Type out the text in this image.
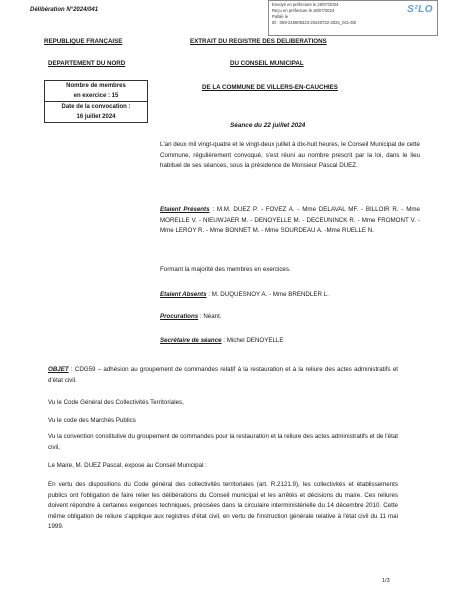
Délibération N°2024/041
Envoyé en préfecture le 26/07/2024
Reçu en préfecture le 26/07/2024
Publié le
ID : 059-215906323-20240722-2024_041-DE
S²LO
REPUBLIQUE FRANÇAISE
DEPARTEMENT DU NORD
EXTRAIT DU REGISTRE DES DELIBERATIONS
DU CONSEIL MUNICIPAL
DE LA COMMUNE DE VILLERS-EN-CAUCHIES
Nombre de membres
en exercice : 15
Date de la convocation :
16 juillet 2024
Séance du 22 juillet 2024
L'an deux mil vingt-quatre et le vingt-deux juillet à dix-huit heures, le Conseil Municipal de cette Commune, régulièrement convoqué, s'est réuni au nombre prescrit par la loi, dans le lieu habituel de ses séances, sous la présidence de Monsieur Pascal DUEZ.
Etaient Présents : M.M. DUEZ P. - FOVEZ A. - Mme DELAVAL MF. - BILLOIR R. - Mme MORELLE V. - NIEUWJAER M. - DENOYELLE M. - DECEUNINCK R. - Mme FROMONT V. - Mme LEROY R. - Mme BONNET M. - Mme SOURDEAU A. -Mme RUELLE N.
Formant la majorité des membres en exercices.
Etaient Absents : M. DUQUESNOY A. - Mme BRENDLER L.
Procurations : Néant.
Secrétaire de séance : Michel DENOYELLE
OBJET : CDG59 – adhésion au groupement de commandes relatif à la restauration et à la reliure des actes administratifs et d'état civil.
Vu le Code Général des Collectivités Territoriales,
Vu le code des Marchés Publics
Vu la convention constitutive du groupement de commandes pour la restauration et la reliure des actes administratifs et de l'état civil,
Le Maire, M. DUEZ Pascal, expose au Conseil Municipal :
En vertu des dispositions du Code général des collectivités territoriales (art. R.2121.9), les collectivités et établissements publics ont l'obligation de faire relier les délibérations du Conseil municipal et les arrêtés et décisions du maire. Ces reliures doivent répondre à certaines exigences techniques, précisées dans la circulaire interministérielle du 14 décembre 2010. Cette même obligation de reliure s'applique aux registres d'état civil, en vertu de l'instruction générale relative à l'état civil du 11 mai 1999.
1/3
